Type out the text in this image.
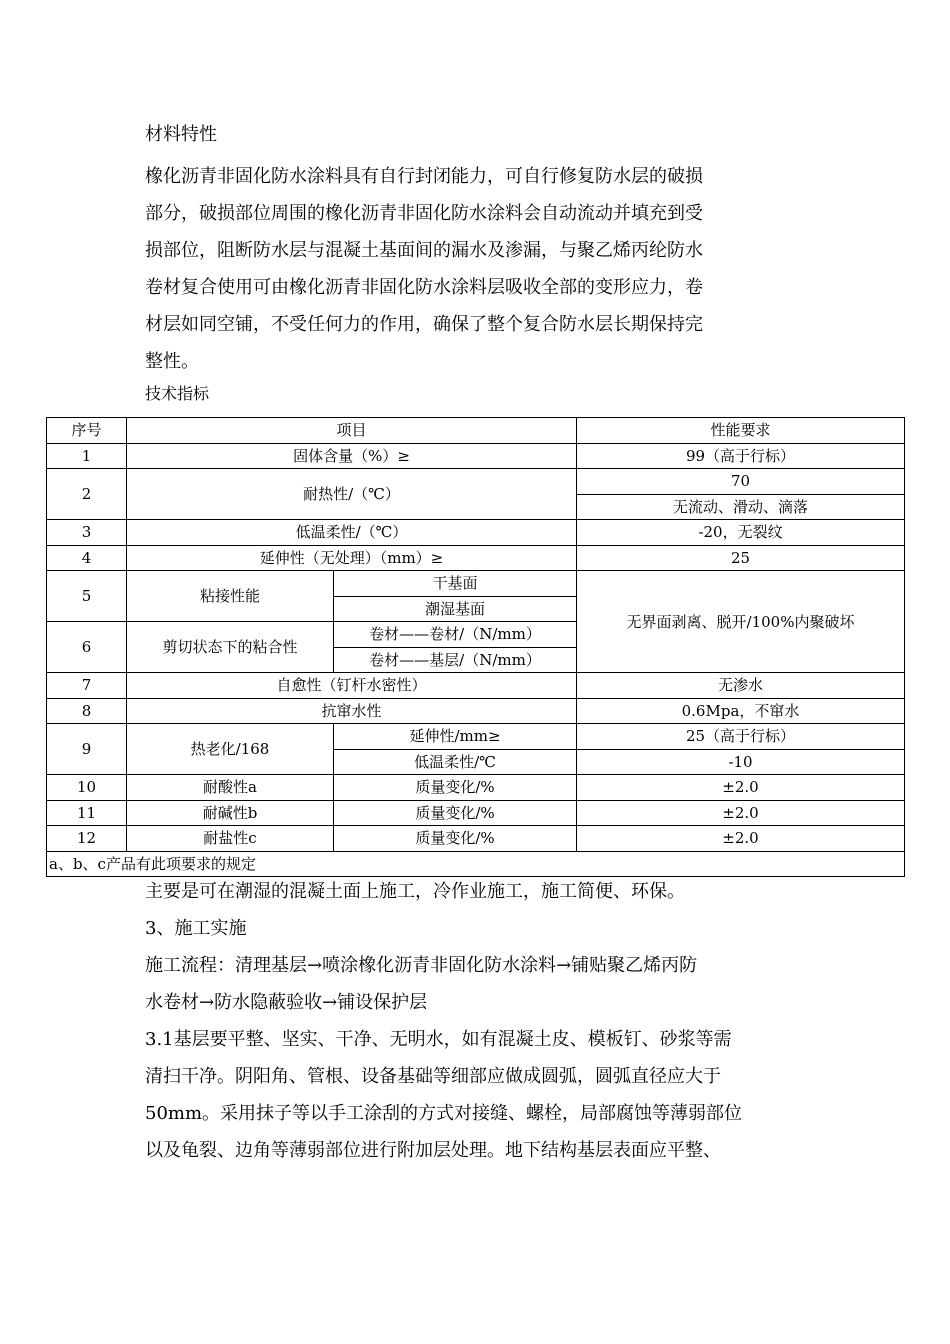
材料特性
橡化沥青非固化防水涂料具有自行封闭能力，可自行修复防水层的破损
部分，破损部位周围的橡化沥青非固化防水涂料会自动流动并填充到受
损部位，阻断防水层与混凝土基面间的漏水及渗漏，与聚乙烯丙纶防水
卷材复合使用可由橡化沥青非固化防水涂料层吸收全部的变形应力，卷
材层如同空铺，不受任何力的作用，确保了整个复合防水层长期保持完
整性。
技术指标
序号	项目		性能要求
1	固体含量（%）≥		99（高于行标）
2	耐热性/（℃）		70
			无流动、滑动、滴落
3	低温柔性/（℃）		-20，无裂纹
4	延伸性（无处理）（mm）≥		25
5	粘接性能	干基面	无界面剥离、脱开/100%内聚破坏
		潮湿基面	
6	剪切状态下的粘合性	卷材——卷材/（N/mm）	
		卷材——基层/（N/mm）	
7	自愈性（钉杆水密性）		无渗水
8	抗窜水性		0.6Mpa，不窜水
9	热老化/168	延伸性/mm≥	25（高于行标）
		低温柔性/℃	-10
10	耐酸性a	质量变化/%	±2.0
11	耐碱性b	质量变化/%	±2.0
12	耐盐性c	质量变化/%	±2.0
a、b、c产品有此项要求的规定			
主要是可在潮湿的混凝土面上施工，冷作业施工，施工简便、环保。
3、施工实施
施工流程：清理基层→喷涂橡化沥青非固化防水涂料→铺贴聚乙烯丙防
水卷材→防水隐蔽验收→铺设保护层
3.1基层要平整、坚实、干净、无明水，如有混凝土皮、模板钉、砂浆等需
清扫干净。阴阳角、管根、设备基础等细部应做成圆弧，圆弧直径应大于
50mm。采用抹子等以手工涂刮的方式对接缝、螺栓，局部腐蚀等薄弱部位
以及龟裂、边角等薄弱部位进行附加层处理。地下结构基层表面应平整、
